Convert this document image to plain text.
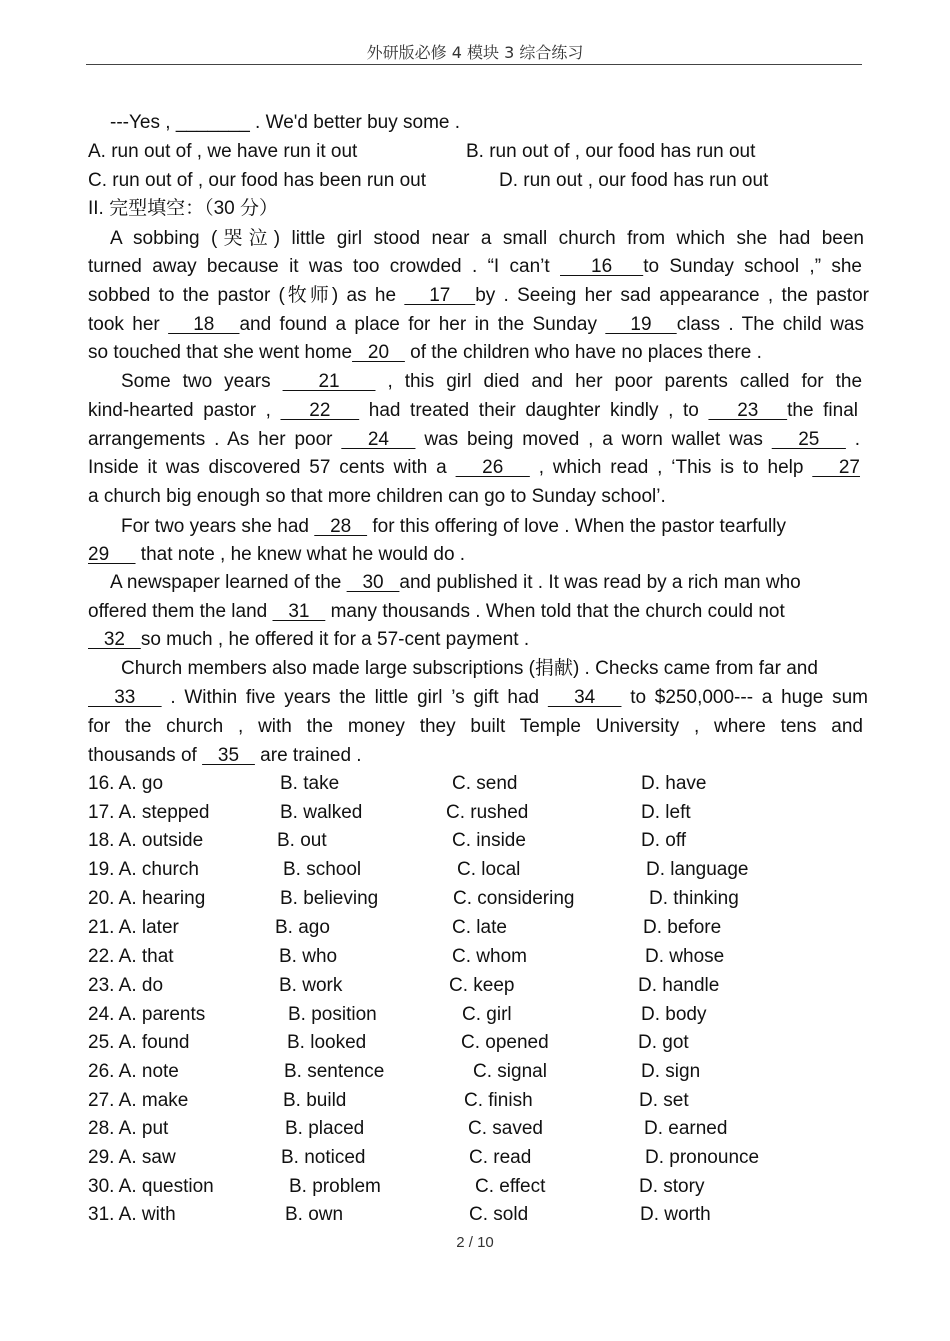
外研版必修 4 模块 3 综合练习
---Yes , _______ . We'd better buy some .
A. run out of , we have run it out	B. run out of , our food has run out
C. run out of , our food has been run out	D. run out , our food has run out
II. 完型填空：（30 分）
A sobbing (哭泣) little girl stood near a small church from which she had been
turned away because it was too crowded . “I can’t    16   to Sunday school ,” she
sobbed to the pastor (牧师) as he    17   by . Seeing her sad appearance , the pastor
took her    18   and found a place for her in the Sunday    19   class . The child was
so touched that she went home   20    of the children who have no places there .
Some two years    21    , this girl died and her poor parents called for the
kind-hearted pastor ,    22    had treated their daughter kindly , to    23   the final
arrangements . As her poor    24    was being moved , a worn wallet was    25    .
Inside it was discovered 57 cents with a    26    , which read , ‘This is to help    27
a church big enough so that more children can go to Sunday school’.
For two years she had    28    for this offering of love . When the pastor tearfully
29      that note , he knew what he would do .
A newspaper learned of the    30   and published it . It was read by a rich man who
offered them the land    31    many thousands . When told that the church could not
32   so much , he offered it for a 57-cent payment .
Church members also made large subscriptions (捐献) . Checks came from far and
33    . Within five years the little girl ’s gift had    34    to $250,000--- a huge sum
for the church , with the money they built Temple University , where tens and
thousands of    35    are trained .
16. A. go	B. take	C. send	D. have
17. A. stepped	B. walked	C. rushed	D. left
18. A. outside	B. out	C. inside	D. off
19. A. church	B. school	C. local	D. language
20. A. hearing	B. believing	C. considering	D. thinking
21. A. later	B. ago	C. late	D. before
22. A. that	B. who	C. whom	D. whose
23. A. do	B. work	C. keep	D. handle
24. A. parents	B. position	C. girl	D. body
25. A. found	B. looked	C. opened	D. got
26. A. note	B. sentence	C. signal	D. sign
27. A. make	B. build	C. finish	D. set
28. A. put	B. placed	C. saved	D. earned
29. A. saw	B. noticed	C. read	D. pronounce
30. A. question	B. problem	C. effect	D. story
31. A. with	B. own	C. sold	D. worth
2 / 10
